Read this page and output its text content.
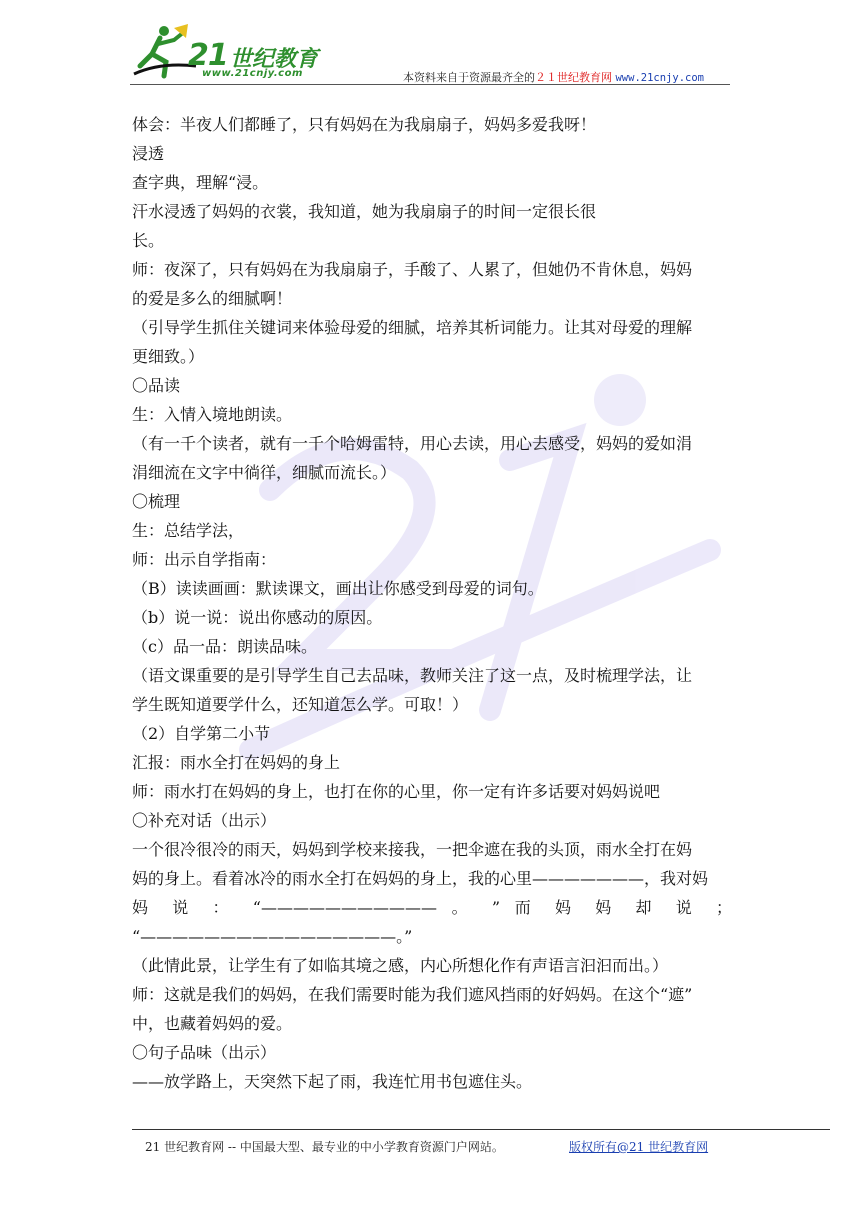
21 世纪教育
www.21cnjy.com	本资料来自于资源最齐全的２１世纪教育网 www.21cnjy.com

体会：半夜人们都睡了，只有妈妈在为我扇扇子，妈妈多爱我呀！

浸透

查字典，理解“浸。

汗水浸透了妈妈的衣裳，我知道，她为我扇扇子的时间一定很长很

长。

师：夜深了，只有妈妈在为我扇扇子，手酸了、人累了，但她仍不肯休息，妈妈

的爱是多么的细腻啊！

（引导学生抓住关键词来体验母爱的细腻，培养其析词能力。让其对母爱的理解

更细致。）

〇品读

生：入情入境地朗读。

（有一千个读者，就有一千个哈姆雷特，用心去读，用心去感受，妈妈的爱如涓

涓细流在文字中徜徉，细腻而流长。）

〇梳理

生：总结学法，

师：出示自学指南：

（B）读读画画：默读课文，画出让你感受到母爱的词句。

（b）说一说：说出你感动的原因。

（c）品一品：朗读品味。

（语文课重要的是引导学生自己去品味，教师关注了这一点，及时梳理学法，让

学生既知道要学什么，还知道怎么学。可取！）

（2）自学第二小节

汇报：雨水全打在妈妈的身上

师：雨水打在妈妈的身上，也打在你的心里，你一定有许多话要对妈妈说吧

〇补充对话（出示）

一个很冷很冷的雨天，妈妈到学校来接我，一把伞遮在我的头顶，雨水全打在妈

妈的身上。看着冰冷的雨水全打在妈妈的身上，我的心里———————，我对妈

妈 说 ： “——————————— 。 ” 而 妈 妈 却 说 ；

“————————————————。”

（此情此景，让学生有了如临其境之感，内心所想化作有声语言汩汩而出。）

师：这就是我们的妈妈，在我们需要时能为我们遮风挡雨的好妈妈。在这个“遮”

中，也藏着妈妈的爱。

〇句子品味（出示）

——放学路上，天突然下起了雨，我连忙用书包遮住头。

21 世纪教育网 -- 中国最大型、最专业的中小学教育资源门户网站。	版权所有@21 世纪教育网
